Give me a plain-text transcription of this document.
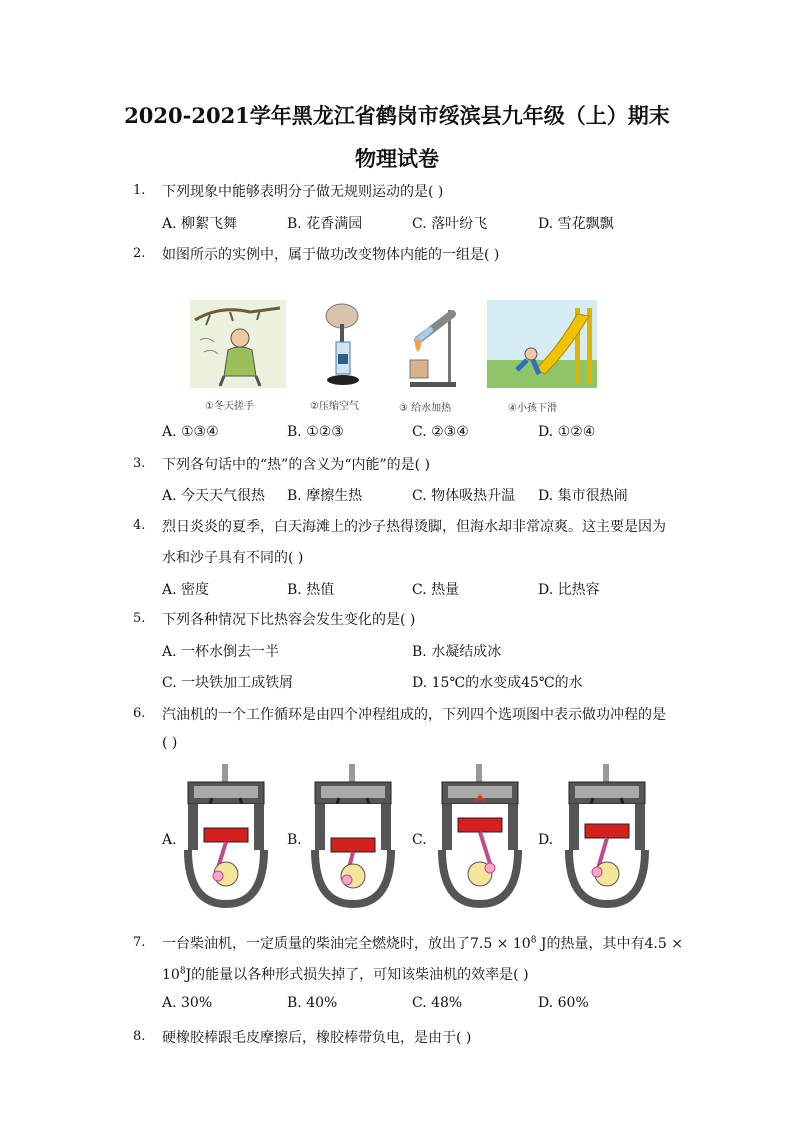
2020-2021学年黑龙江省鹤岗市绥滨县九年级（上）期末
物理试卷
1. 下列现象中能够表明分子做无规则运动的是( )
A. 柳絮飞舞	B. 花香满园	C. 落叶纷飞	D. 雪花飘飘
2. 如图所示的实例中，属于做功改变物体内能的一组是( )
①冬天搓手	②压缩空气	③ 给水加热	④小孩下滑
A. ①③④	B. ①②③	C. ②③④	D. ①②④
3. 下列各句话中的“热”的含义为“内能”的是( )
A. 今天天气很热 B. 摩擦生热	C. 物体吸热升温 D. 集市很热闹
4. 烈日炎炎的夏季，白天海滩上的沙子热得烫脚，但海水却非常凉爽。这主要是因为
水和沙子具有不同的( )
A. 密度	B. 热值	C. 热量	D. 比热容
5. 下列各种情况下比热容会发生变化的是( )
A. 一杯水倒去一半	B. 水凝结成冰
C. 一块铁加工成铁屑	D. 15℃的水变成45℃的水
6. 汽油机的一个工作循环是由四个冲程组成的，下列四个选项图中表示做功冲程的是
( )
A.	B.	C.	D.
7. 一台柴油机，一定质量的柴油完全燃烧时，放出了$7.5 \times 10^8$ J的热量，其中有4.5 ×
$10^8J$的能量以各种形式损失掉了，可知该柴油机的效率是( )
A. 30%	B. 40%	C. 48%	D. 60%
8. 硬橡胶棒跟毛皮摩擦后，橡胶棒带负电，是由于( )
